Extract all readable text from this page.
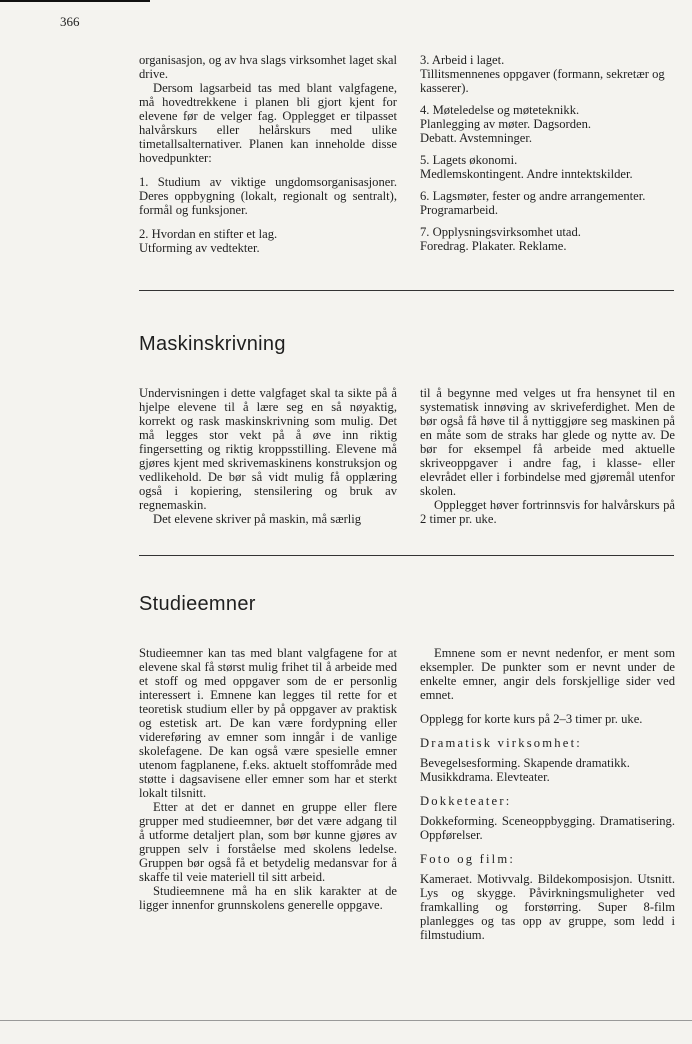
366

organisasjon, og av hva slags virksomhet laget skal drive.

Dersom lagsarbeid tas med blant valgfagene, må hovedtrekkene i planen bli gjort kjent for elevene før de velger fag. Opplegget er tilpasset halvårskurs eller helårskurs med ulike timetallsalternativer. Planen kan inneholde disse hovedpunkter:

1. Studium av viktige ungdomsorganisasjoner. Deres oppbygning (lokalt, regionalt og sentralt), formål og funksjoner.

2. Hvordan en stifter et lag.

Utforming av vedtekter.

3. Arbeid i laget.

Tillitsmennenes oppgaver (formann, sekretær og kasserer).

4. Møteledelse og møteteknikk.

Planlegging av møter. Dagsorden.

Debatt. Avstemninger.

5. Lagets økonomi.

Medlemskontingent. Andre inntektskilder.

6. Lagsmøter, fester og andre arrangementer.

Programarbeid.

7. Opplysningsvirksomhet utad.

Foredrag. Plakater. Reklame.

Maskinskrivning

Undervisningen i dette valgfaget skal ta sikte på å hjelpe elevene til å lære seg en så nøyaktig, korrekt og rask maskinskrivning som mulig. Det må legges stor vekt på å øve inn riktig fingersetting og riktig kroppsstilling. Elevene må gjøres kjent med skrivemaskinens konstruksjon og vedlikehold. De bør så vidt mulig få opplæring også i kopiering, stensilering og bruk av regnemaskin.

Det elevene skriver på maskin, må særlig

til å begynne med velges ut fra hensynet til en systematisk innøving av skriveferdighet. Men de bør også få høve til å nyttiggjøre seg maskinen på en måte som de straks har glede og nytte av. De bør for eksempel få arbeide med aktuelle skriveoppgaver i andre fag, i klasse- eller elevrådet eller i forbindelse med gjøremål utenfor skolen.

Opplegget høver fortrinnsvis for halvårskurs på 2 timer pr. uke.

Studieemner

Studieemner kan tas med blant valgfagene for at elevene skal få størst mulig frihet til å arbeide med et stoff og med oppgaver som de er personlig interessert i. Emnene kan legges til rette for et teoretisk studium eller by på oppgaver av praktisk og estetisk art. De kan være fordypning eller videreføring av emner som inngår i de vanlige skolefagene. De kan også være spesielle emner utenom fagplanene, f.eks. aktuelt stoffområde med støtte i dagsavisene eller emner som har et sterkt lokalt tilsnitt.

Etter at det er dannet en gruppe eller flere grupper med studieemner, bør det være adgang til å utforme detaljert plan, som bør kunne gjøres av gruppen selv i forståelse med skolens ledelse. Gruppen bør også få et betydelig medansvar for å skaffe til veie materiell til sitt arbeid.

Studieemnene må ha en slik karakter at de ligger innenfor grunnskolens generelle oppgave.

Emnene som er nevnt nedenfor, er ment som eksempler. De punkter som er nevnt under de enkelte emner, angir dels forskjellige sider ved emnet.

Opplegg for korte kurs på 2–3 timer pr. uke.

Dramatisk virksomhet:

Bevegelsesforming. Skapende dramatikk. Musikkdrama. Elevteater.

Dokketeater:

Dokkeforming. Sceneoppbygging. Dramatisering. Oppførelser.

Foto og film:

Kameraet. Motivvalg. Bildekomposisjon. Utsnitt. Lys og skygge. Påvirkningsmuligheter ved framkalling og forstørring. Super 8-film planlegges og tas opp av gruppe, som ledd i filmstudium.
